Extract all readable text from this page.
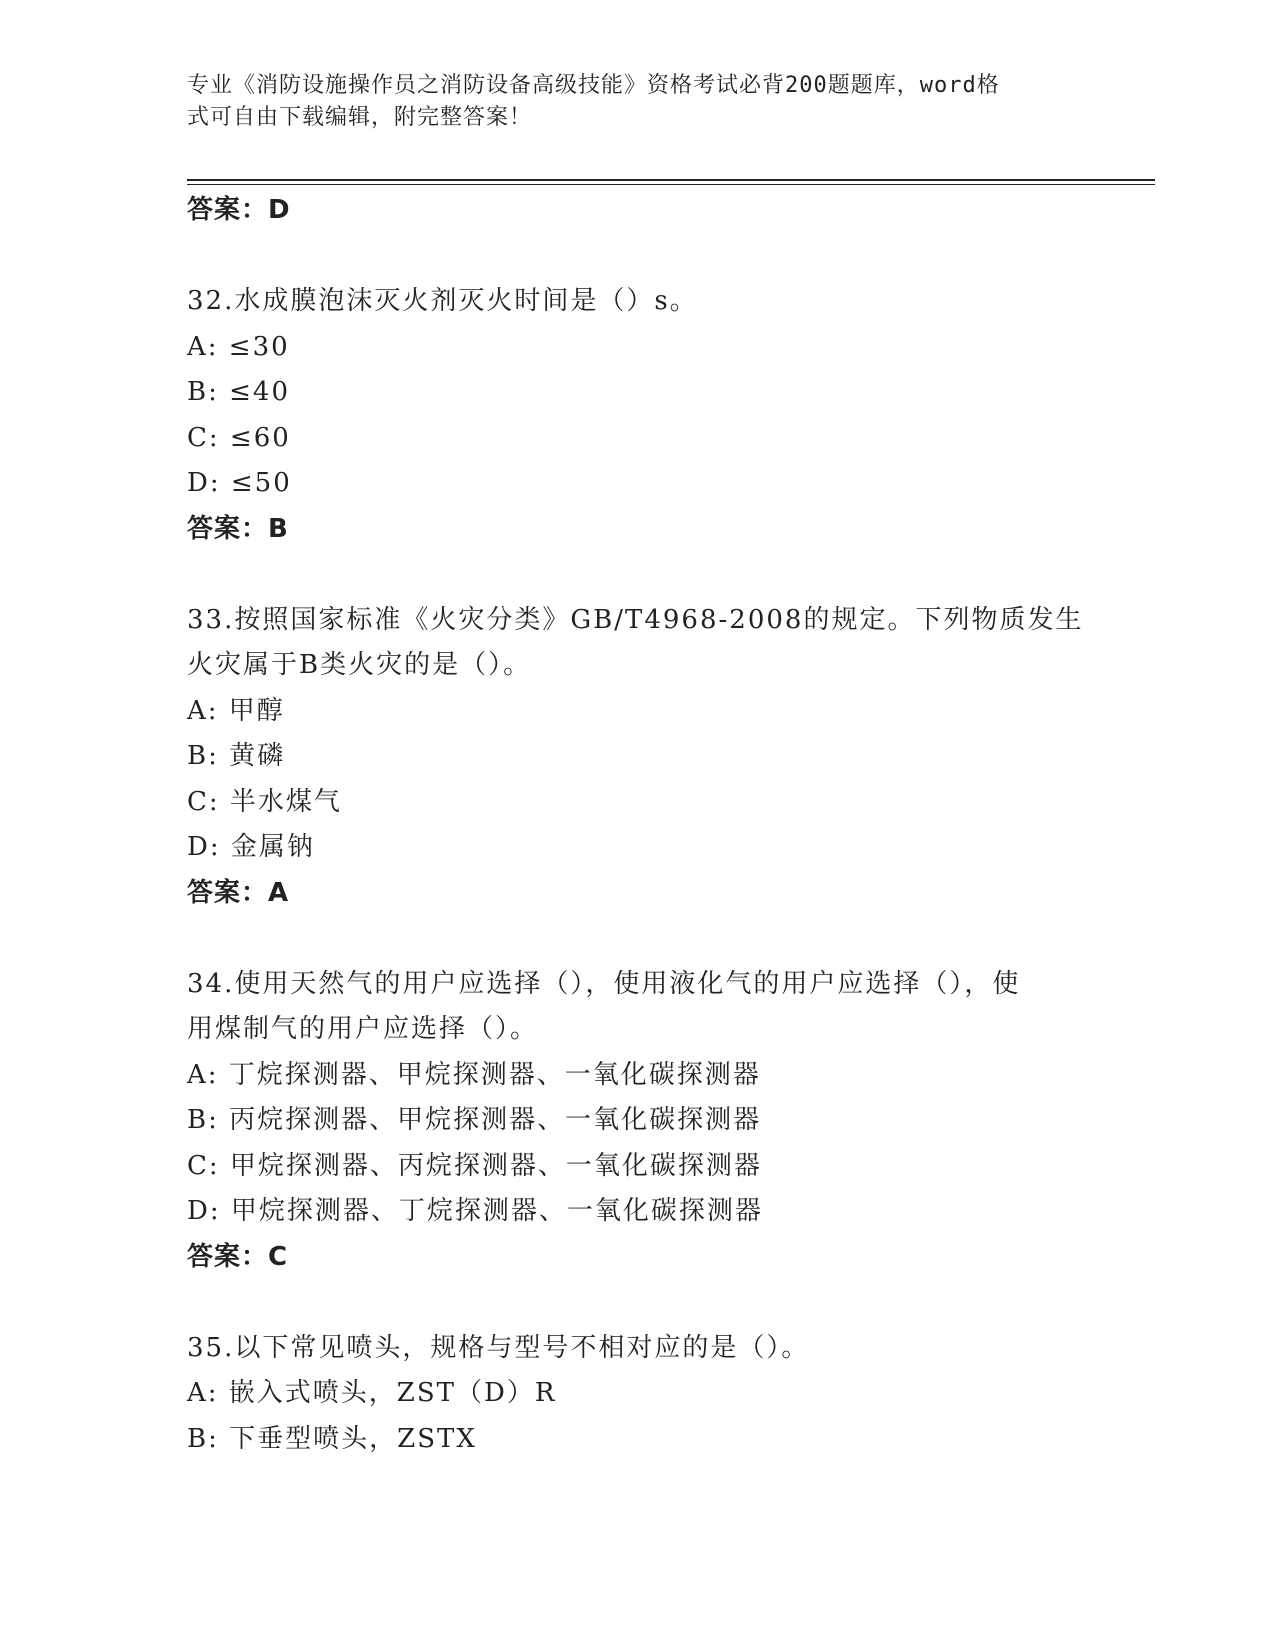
专业《消防设施操作员之消防设备高级技能》资格考试必背200题题库，word格
式可自由下载编辑，附完整答案！
答案：D
32.水成膜泡沫灭火剂灭火时间是（）s。
A: ≤30
B: ≤40
C: ≤60
D: ≤50
答案：B
33.按照国家标准《火灾分类》GB/T4968-2008的规定。下列物质发生
火灾属于B类火灾的是（）。
A: 甲醇
B: 黄磷
C: 半水煤气
D: 金属钠
答案：A
34.使用天然气的用户应选择（），使用液化气的用户应选择（），使
用煤制气的用户应选择（）。
A: 丁烷探测器、甲烷探测器、一氧化碳探测器
B: 丙烷探测器、甲烷探测器、一氧化碳探测器
C: 甲烷探测器、丙烷探测器、一氧化碳探测器
D: 甲烷探测器、丁烷探测器、一氧化碳探测器
答案：C
35.以下常见喷头，规格与型号不相对应的是（）。
A: 嵌入式喷头，ZST（D）R
B: 下垂型喷头，ZSTX
